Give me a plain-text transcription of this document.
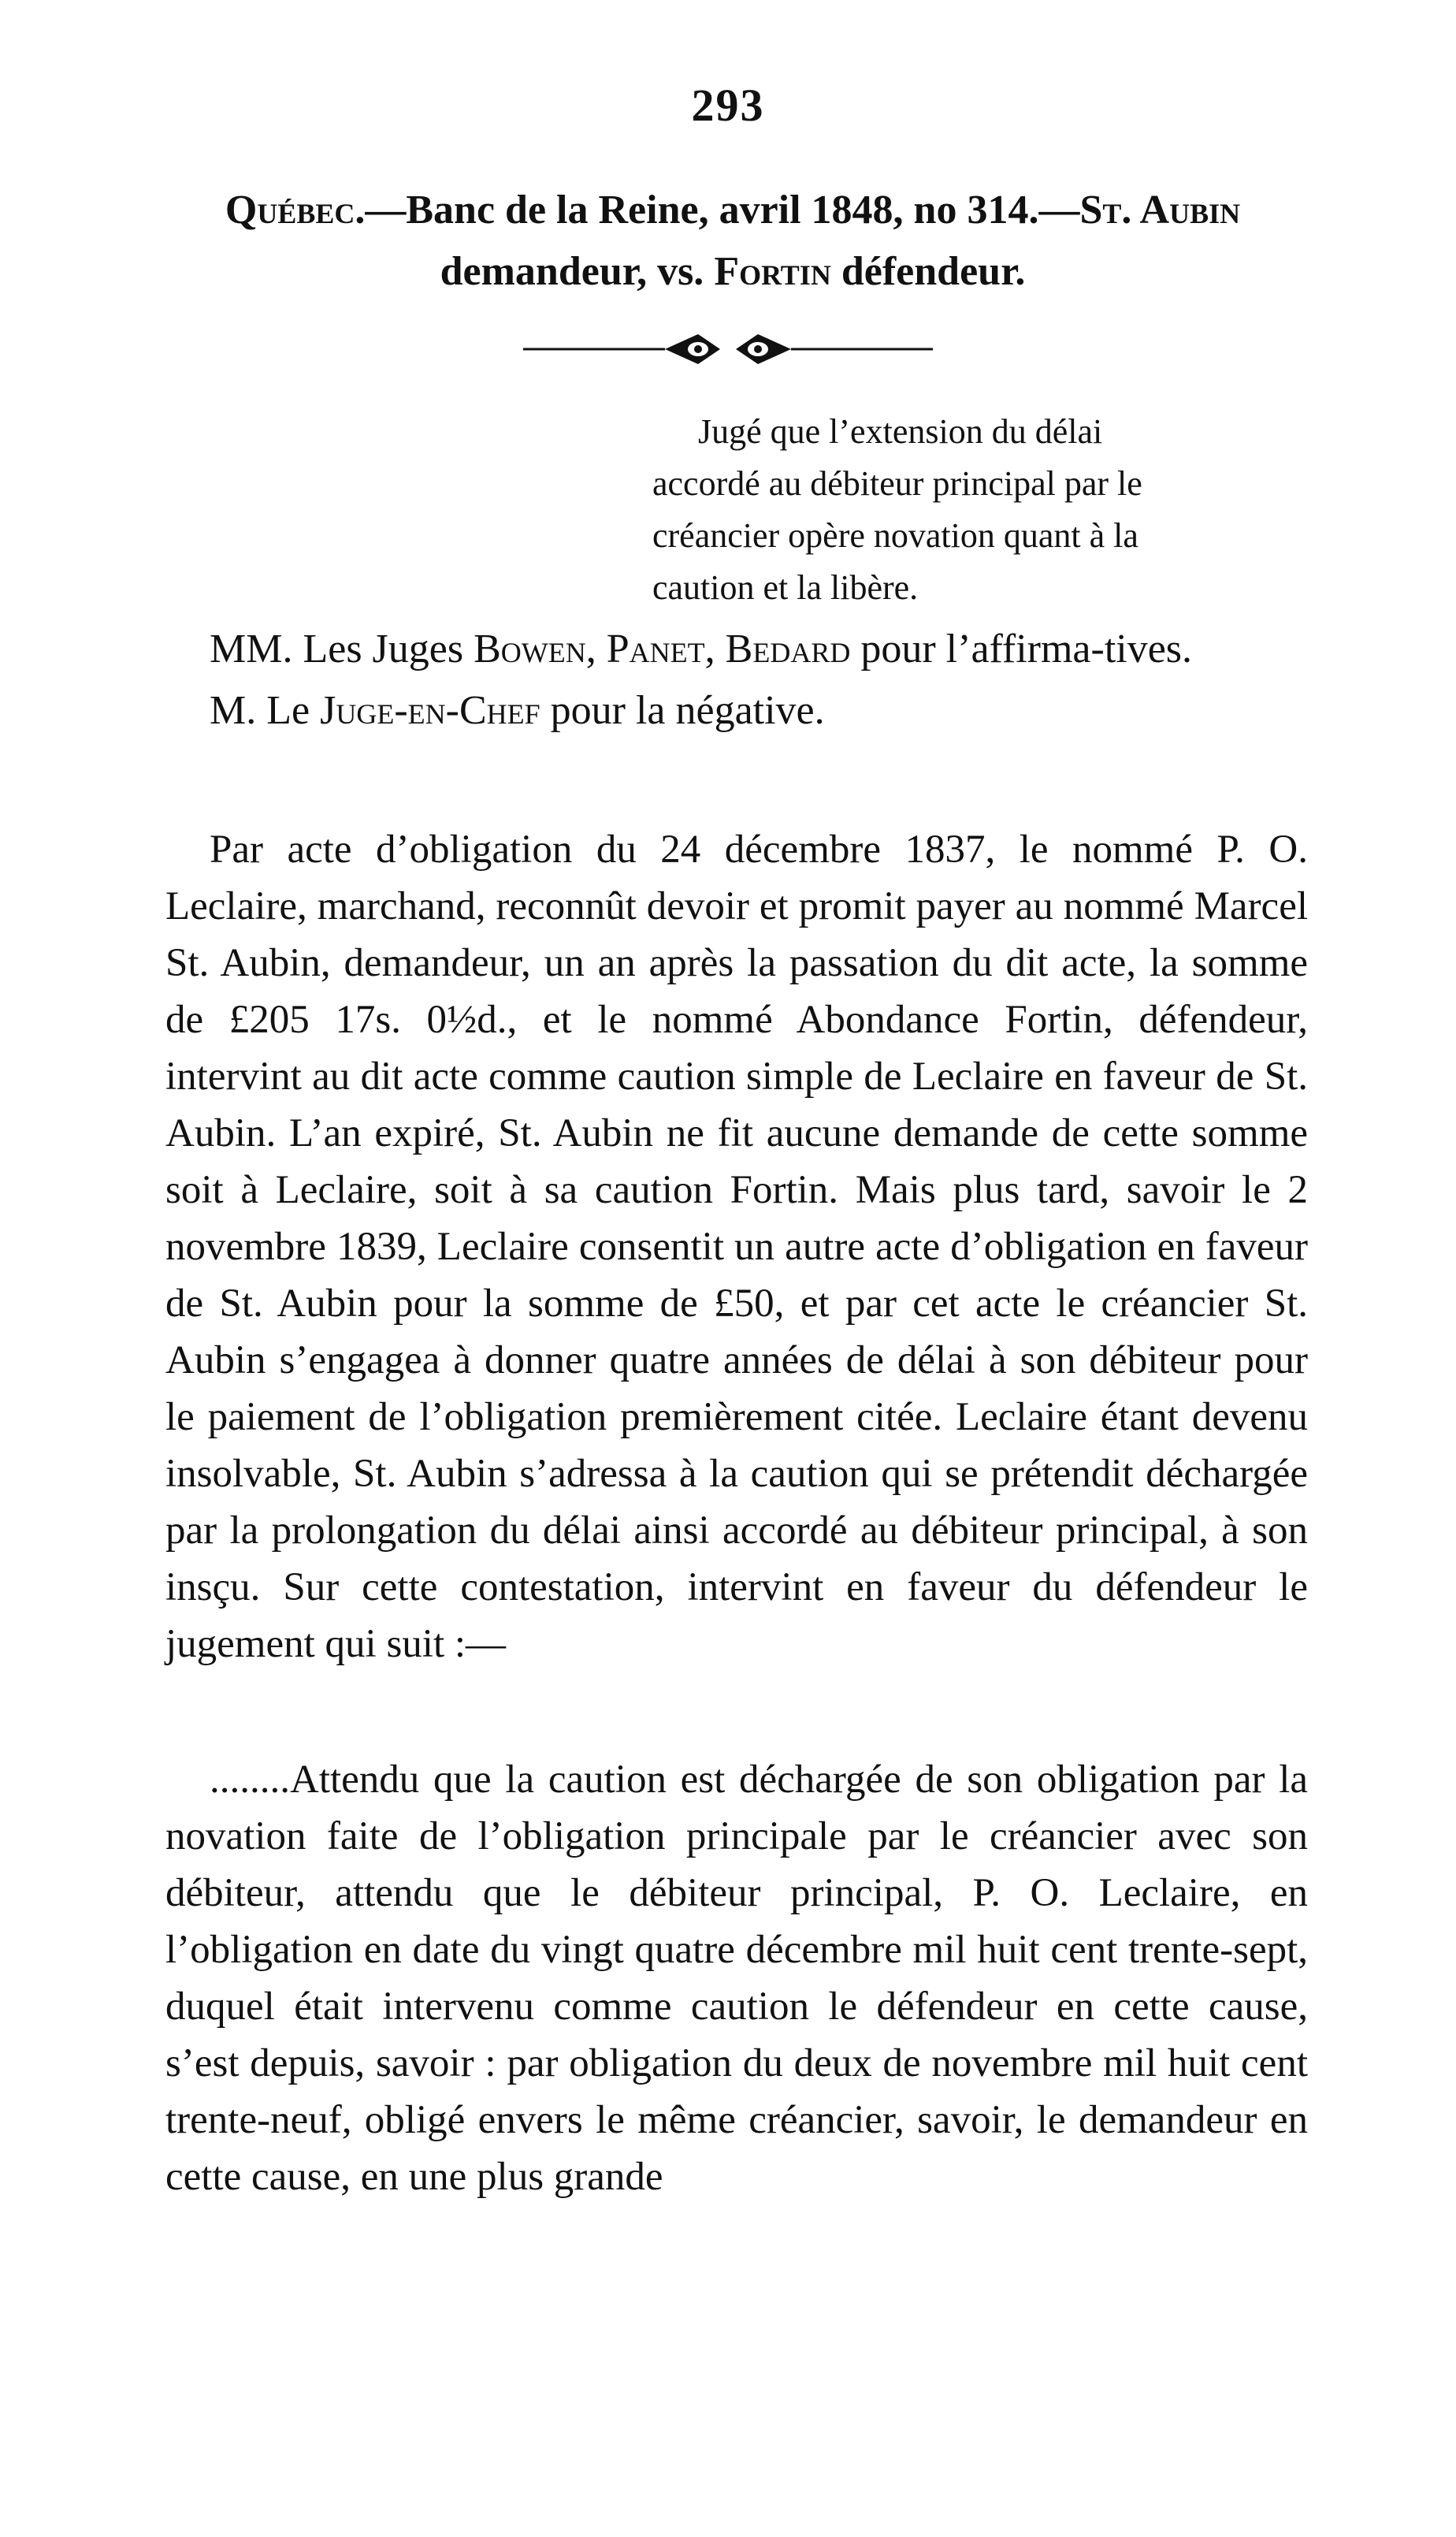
293
Québec.—Banc de la Reine, avril 1848, no 314.—St. Aubin demandeur, vs. Fortin défendeur.
Jugé que l’extension du délai
accordé au débiteur principal par le
créancier opère novation quant à la
caution et la libère.

MM. Les Juges Bowen, Panet, Bedard pour l’affirma-tives.

M. Le Juge-en-Chef pour la négative.

Par acte d’obligation du 24 décembre 1837, le nommé P. O. Leclaire, marchand, reconnût devoir et promit payer au nommé Marcel St. Aubin, demandeur, un an après la passation du dit acte, la somme de £205 17s. 0½d., et le nommé Abondance Fortin, défendeur, intervint au dit acte comme caution simple de Leclaire en faveur de St. Aubin. L’an expiré, St. Aubin ne fit aucune demande de cette somme soit à Leclaire, soit à sa caution Fortin. Mais plus tard, savoir le 2 novembre 1839, Leclaire consentit un autre acte d’obligation en faveur de St. Aubin pour la somme de £50, et par cet acte le créancier St. Aubin s’engagea à donner quatre années de délai à son débiteur pour le paiement de l’obligation premièrement citée. Leclaire étant devenu insolvable, St. Aubin s’adressa à la caution qui se prétendit déchargée par la prolongation du délai ainsi accordé au débiteur principal, à son insçu. Sur cette contestation, intervint en faveur du défendeur le jugement qui suit :—

........Attendu que la caution est déchargée de son obligation par la novation faite de l’obligation principale par le créancier avec son débiteur, attendu que le débiteur principal, P. O. Leclaire, en l’obligation en date du vingt quatre décembre mil huit cent trente-sept, duquel était intervenu comme caution le défendeur en cette cause, s’est depuis, savoir : par obligation du deux de novembre mil huit cent trente-neuf, obligé envers le même créancier, savoir, le demandeur en cette cause, en une plus grande
